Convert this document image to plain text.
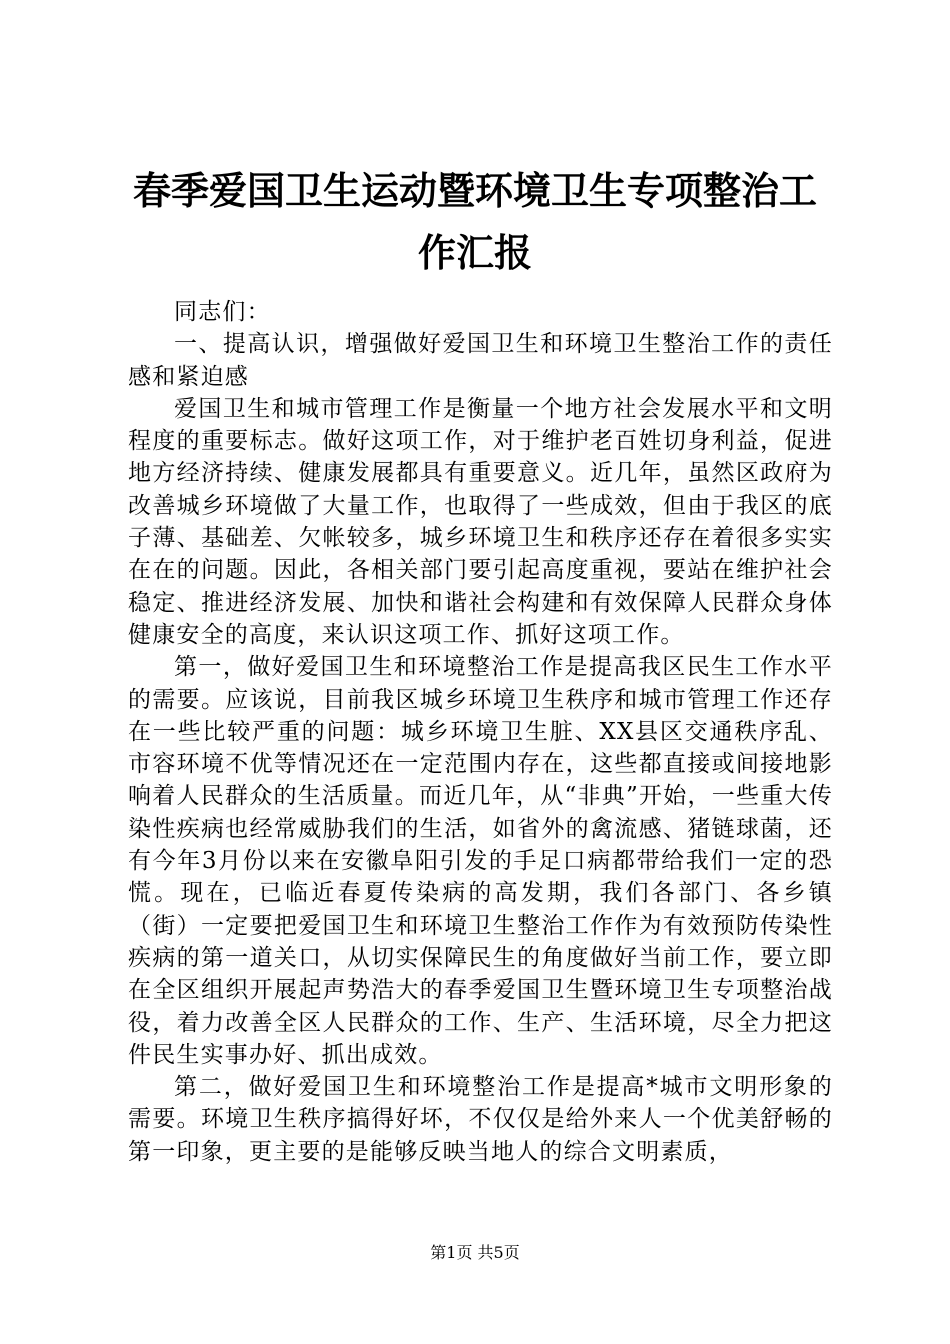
春季爱国卫生运动暨环境卫生专项整治工作汇报

同志们：

一、提高认识，增强做好爱国卫生和环境卫生整治工作的责任感和紧迫感

爱国卫生和城市管理工作是衡量一个地方社会发展水平和文明程度的重要标志。做好这项工作，对于维护老百姓切身利益，促进地方经济持续、健康发展都具有重要意义。近几年，虽然区政府为改善城乡环境做了大量工作，也取得了一些成效，但由于我区的底子薄、基础差、欠帐较多，城乡环境卫生和秩序还存在着很多实实在在的问题。因此，各相关部门要引起高度重视，要站在维护社会稳定、推进经济发展、加快和谐社会构建和有效保障人民群众身体健康安全的高度，来认识这项工作、抓好这项工作。

第一，做好爱国卫生和环境整治工作是提高我区民生工作水平的需要。应该说，目前我区城乡环境卫生秩序和城市管理工作还存在一些比较严重的问题：城乡环境卫生脏、XX县区交通秩序乱、市容环境不优等情况还在一定范围内存在，这些都直接或间接地影响着人民群众的生活质量。而近几年，从“非典”开始，一些重大传染性疾病也经常威胁我们的生活，如省外的禽流感、猪链球菌，还有今年3月份以来在安徽阜阳引发的手足口病都带给我们一定的恐慌。现在，已临近春夏传染病的高发期，我们各部门、各乡镇（街）一定要把爱国卫生和环境卫生整治工作作为有效预防传染性疾病的第一道关口，从切实保障民生的角度做好当前工作，要立即在全区组织开展起声势浩大的春季爱国卫生暨环境卫生专项整治战役，着力改善全区人民群众的工作、生产、生活环境，尽全力把这件民生实事办好、抓出成效。

第二，做好爱国卫生和环境整治工作是提高*城市文明形象的需要。环境卫生秩序搞得好坏，不仅仅是给外来人一个优美舒畅的第一印象，更主要的是能够反映当地人的综合文明素质，

第1页 共5页
